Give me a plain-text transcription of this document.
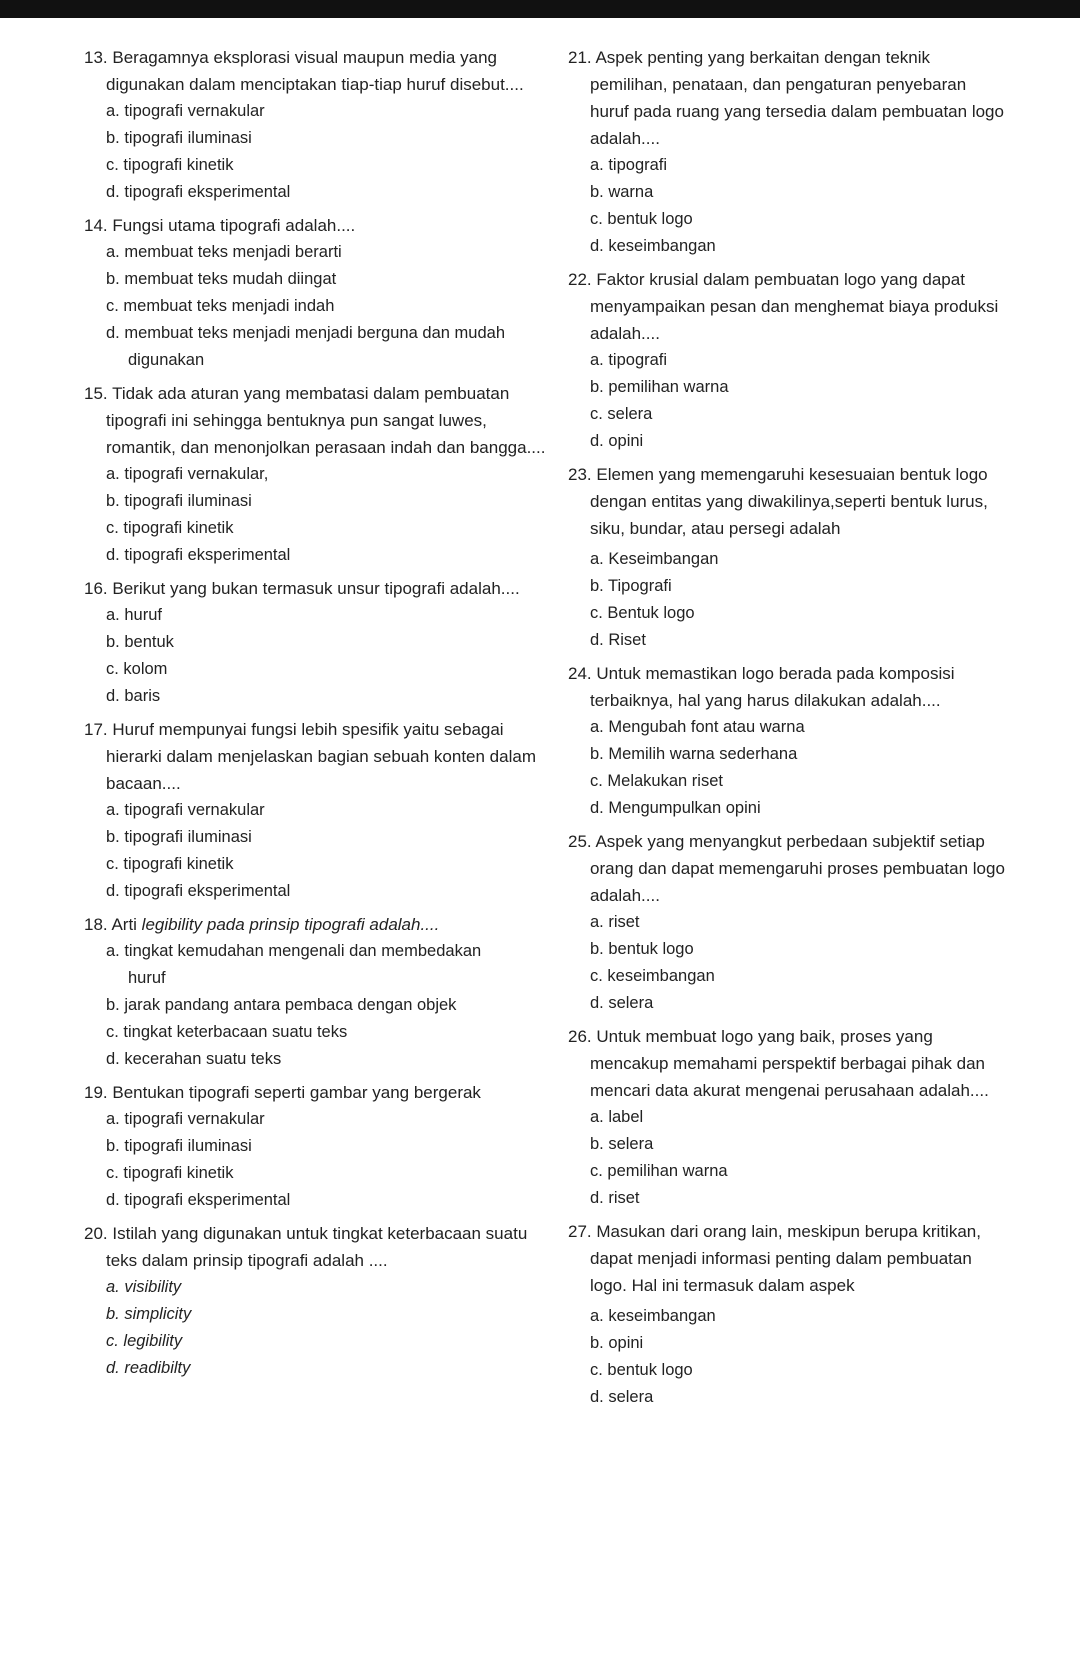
13. Beragamnya eksplorasi visual maupun media yang digunakan dalam menciptakan tiap-tiap huruf disebut....

a. tipografi vernakular
b. tipografi iluminasi
c. tipografi kinetik
d. tipografi eksperimental

14. Fungsi utama tipografi adalah....

a. membuat teks menjadi berarti
b. membuat teks mudah diingat
c. membuat teks menjadi indah
d. membuat teks menjadi menjadi berguna dan mudah digunakan

15. Tidak ada aturan yang membatasi dalam pembuatan tipografi ini sehingga bentuknya pun sangat luwes, romantik, dan menonjolkan perasaan indah dan bangga....

a. tipografi vernakular,
b. tipografi iluminasi
c. tipografi kinetik
d. tipografi eksperimental

16. Berikut yang bukan termasuk unsur tipografi adalah....

a. huruf
b. bentuk
c. kolom
d. baris

17. Huruf mempunyai fungsi lebih spesifik yaitu sebagai hierarki dalam menjelaskan bagian sebuah konten dalam bacaan....

a. tipografi vernakular
b. tipografi iluminasi
c. tipografi kinetik
d. tipografi eksperimental

18. Arti legibility pada prinsip tipografi adalah....

a. tingkat kemudahan mengenali dan membedakan huruf
b. jarak pandang antara pembaca dengan objek
c. tingkat keterbacaan suatu teks
d. kecerahan suatu teks

19. Bentukan tipografi seperti gambar yang bergerak

a. tipografi vernakular
b. tipografi iluminasi
c. tipografi kinetik
d. tipografi eksperimental

20. Istilah yang digunakan untuk tingkat keterbacaan suatu teks dalam prinsip tipografi adalah ....

a. visibility
b. simplicity
c. legibility
d. readibilty

21. Aspek penting yang berkaitan dengan teknik pemilihan, penataan, dan pengaturan penyebaran huruf pada ruang yang tersedia dalam pembuatan logo adalah....

a. tipografi
b. warna
c. bentuk logo
d. keseimbangan

22. Faktor krusial dalam pembuatan logo yang dapat menyampaikan pesan dan menghemat biaya produksi adalah....

a. tipografi
b. pemilihan warna
c. selera
d. opini

23. Elemen yang memengaruhi kesesuaian bentuk logo dengan entitas yang diwakilinya,seperti bentuk lurus, siku, bundar, atau persegi adalah

a. Keseimbangan
b. Tipografi
c. Bentuk logo
d. Riset

24. Untuk memastikan logo berada pada komposisi terbaiknya, hal yang harus dilakukan adalah....

a. Mengubah font atau warna
b. Memilih warna sederhana
c. Melakukan riset
d. Mengumpulkan opini

25. Aspek yang menyangkut perbedaan subjektif setiap orang dan dapat memengaruhi proses pembuatan logo adalah....

a. riset
b. bentuk logo
c. keseimbangan
d. selera

26. Untuk membuat logo yang baik, proses yang mencakup memahami perspektif berbagai pihak dan mencari data akurat mengenai perusahaan adalah....

a. label
b. selera
c. pemilihan warna
d. riset

27. Masukan dari orang lain, meskipun berupa kritikan, dapat menjadi informasi penting dalam pembuatan logo. Hal ini termasuk dalam aspek

a. keseimbangan
b. opini
c. bentuk logo
d. selera
